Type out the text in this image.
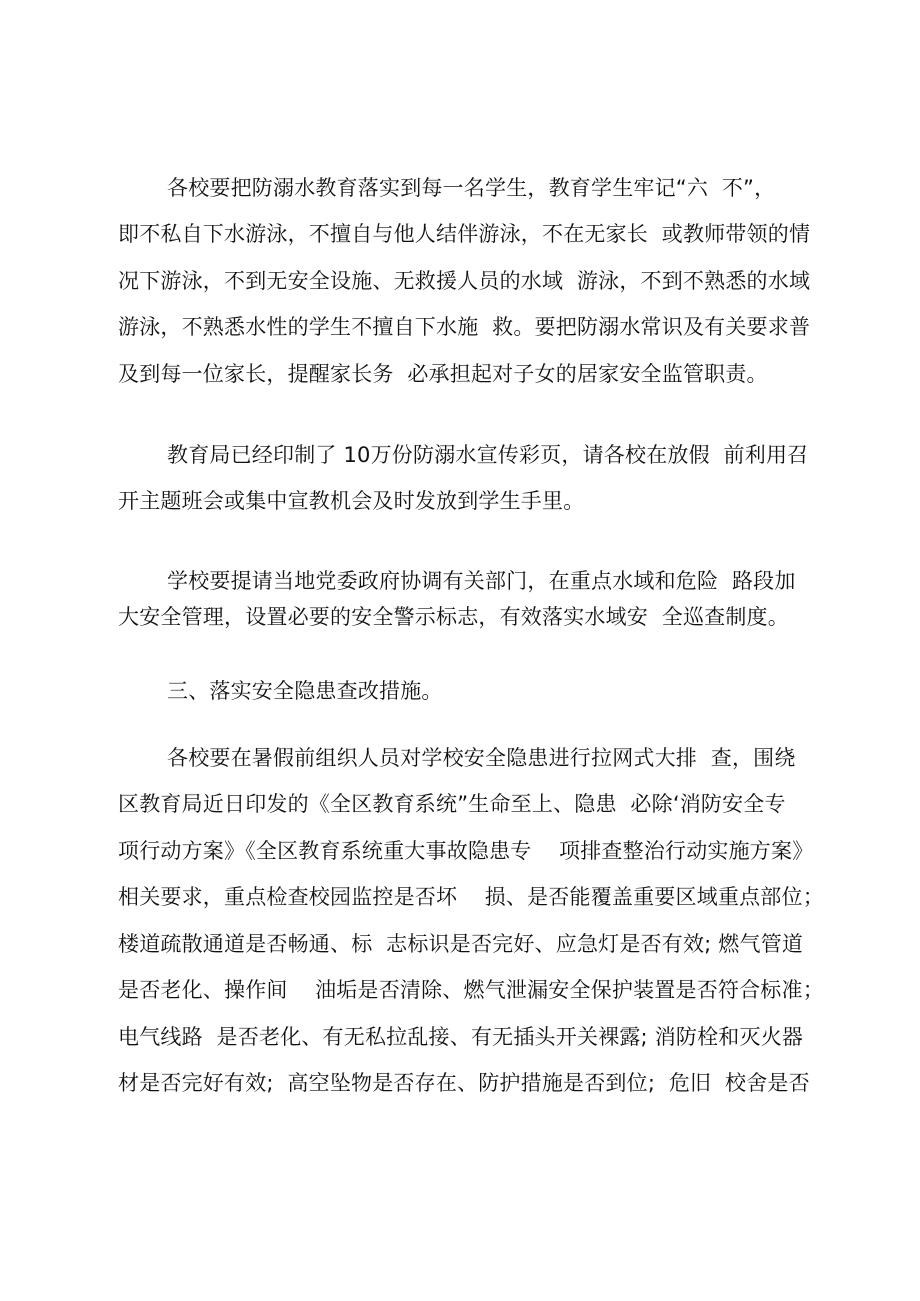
各校要把防溺水教育落实到每一名学生，教育学生牢记“六  不”，
即不私自下水游泳，不擅自与他人结伴游泳，不在无家长  或教师带领的情
况下游泳，不到无安全设施、无救援人员的水域  游泳，不到不熟悉的水域
游泳，不熟悉水性的学生不擅自下水施  救。要把防溺水常识及有关要求普
及到每一位家长，提醒家长务  必承担起对子女的居家安全监管职责。
教育局已经印制了 10万份防溺水宣传彩页，请各校在放假  前利用召
开主题班会或集中宣教机会及时发放到学生手里。
学校要提请当地党委政府协调有关部门，在重点水域和危险  路段加
大安全管理，设置必要的安全警示标志，有效落实水域安  全巡查制度。
三、落实安全隐患查改措施。
各校要在暑假前组织人员对学校安全隐患进行拉网式大排  查，围绕
区教育局近日印发的《全区教育系统”生命至上、隐患  必除‘消防安全专
项行动方案》《全区教育系统重大事故隐患专    项排查整治行动实施方案》
相关要求，重点检查校园监控是否坏    损、是否能覆盖重要区域重点部位；
楼道疏散通道是否畅通、标  志标识是否完好、应急灯是否有效; 燃气管道
是否老化、操作间    油垢是否清除、燃气泄漏安全保护装置是否符合标准；
电气线路  是否老化、有无私拉乱接、有无插头开关裸露; 消防栓和灭火器
材是否完好有效;  高空坠物是否存在、防护措施是否到位;  危旧  校舍是否
